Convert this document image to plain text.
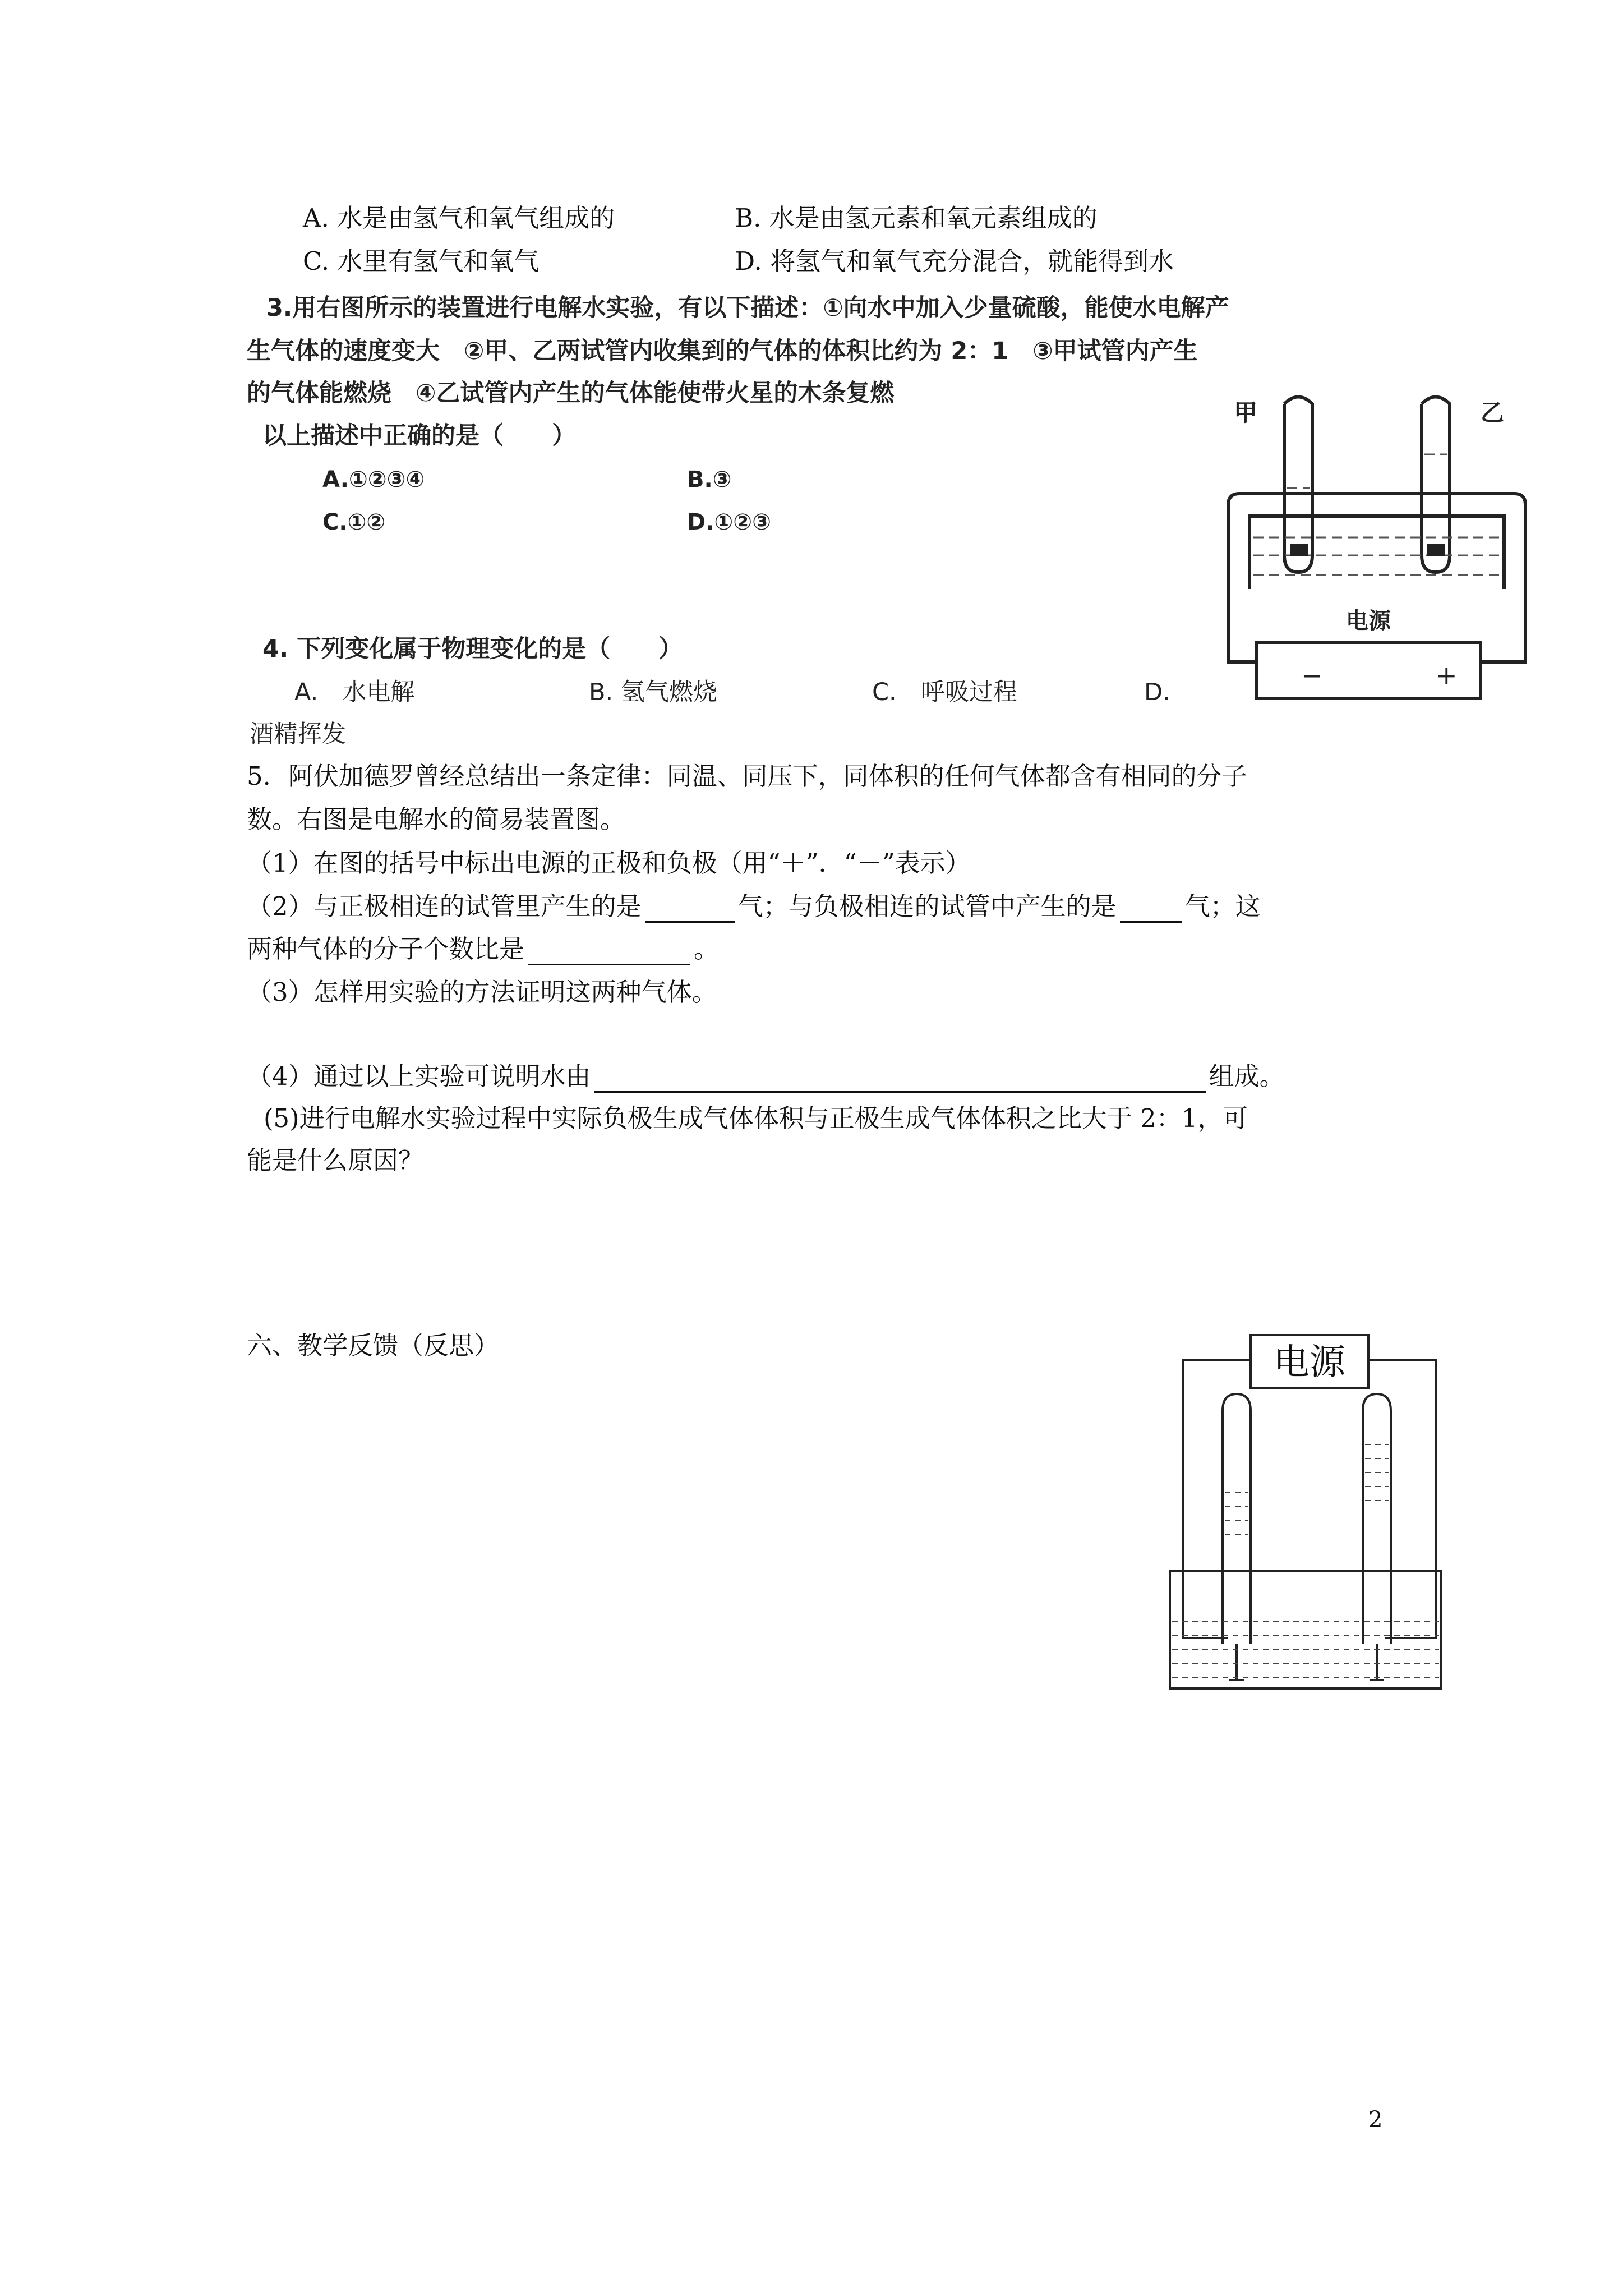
A. 水是由氢气和氧气组成的	B. 水是由氢元素和氧元素组成的
C. 水里有氢气和氧气	D. 将氢气和氧气充分混合，就能得到水
3.用右图所示的装置进行电解水实验，有以下描述：①向水中加入少量硫酸，能使水电解产
生气体的速度变大　②甲、乙两试管内收集到的气体的体积比约为 2：1　③甲试管内产生
的气体能燃烧　④乙试管内产生的气体能使带火星的木条复燃
以上描述中正确的是（　　）
A.①②③④	B.③
C.①②	D.①②③
甲	乙
电源
−	+
4. 下列变化属于物理变化的是（　　）
A.　水电解	B. 氢气燃烧	C.　呼吸过程	D.
酒精挥发
5．阿伏加德罗曾经总结出一条定律：同温、同压下，同体积的任何气体都含有相同的分子
数。右图是电解水的简易装置图。
（1）在图的括号中标出电源的正极和负极（用“＋”．“－”表示）
（2）与正极相连的试管里产生的是	气；与负极相连的试管中产生的是	气；这
两种气体的分子个数比是	。
（3）怎样用实验的方法证明这两种气体。
（4）通过以上实验可说明水由	组成。
(5)进行电解水实验过程中实际负极生成气体体积与正极生成气体体积之比大于 2：1，可
能是什么原因？
六、教学反馈（反思）	电源
2
